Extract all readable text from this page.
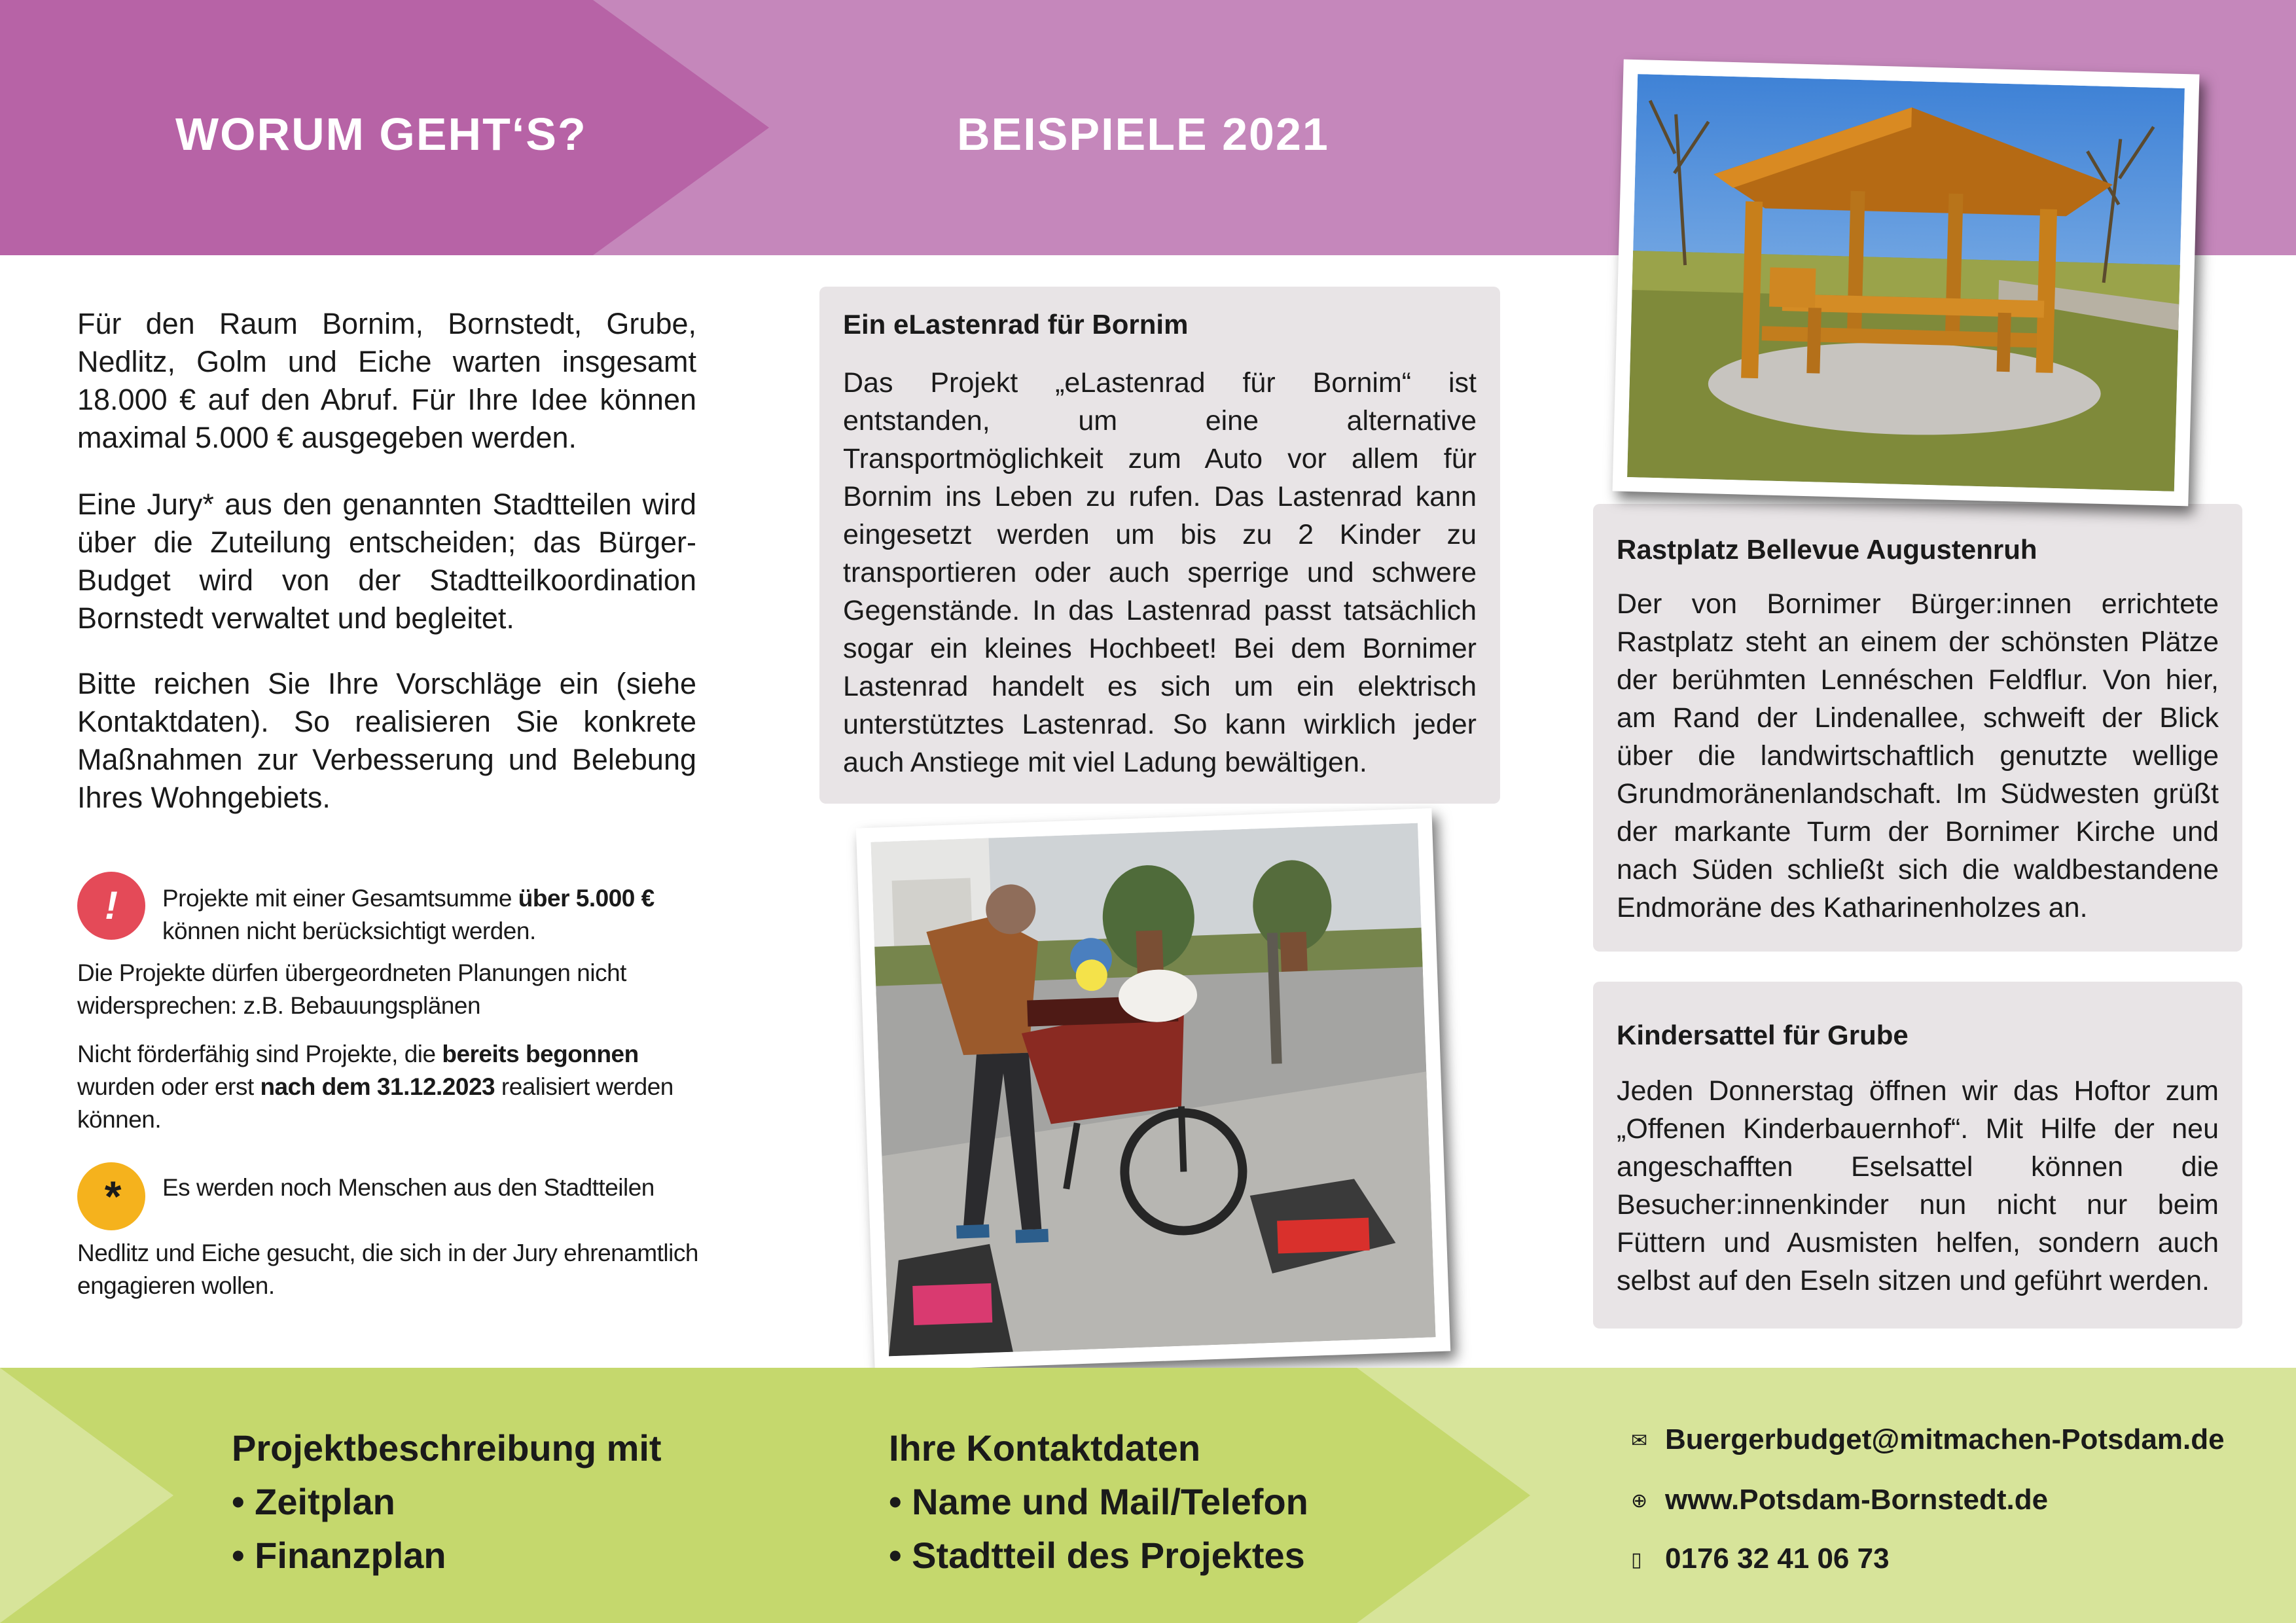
WORUM GEHT‘S?	BEISPIELE 2021

Für den Raum Bornim, Bornstedt, Grube, Nedlitz, Golm und Eiche warten insgesamt 18.000 € auf den Abruf. Für Ihre Idee können maximal 5.000 € ausgegeben werden.

Eine Jury* aus den genannten Stadtteilen wird über die Zuteilung entscheiden; das Bürger-Budget wird von der Stadtteilkoordination Bornstedt verwaltet und begleitet.

Bitte reichen Sie Ihre Vorschläge ein (siehe Kontaktdaten). So realisieren Sie konkrete Maßnahmen zur Verbesserung und Belebung Ihres Wohngebiets.

!	Projekte mit einer Gesamtsumme über 5.000 € können nicht berücksichtigt werden.

Die Projekte dürfen übergeordneten Planungen nicht widersprechen: z.B. Bebauungsplänen

Nicht förderfähig sind Projekte, die bereits begonnen wurden oder erst nach dem 31.12.2023 realisiert werden können.

*	Es werden noch Menschen aus den Stadtteilen

Nedlitz und Eiche gesucht, die sich in der Jury ehrenamtlich engagieren wollen.

Ein eLastenrad für Bornim

Das Projekt „eLastenrad für Bornim“ ist entstanden, um eine alternative Transportmöglichkeit zum Auto vor allem für Bornim ins Leben zu rufen. Das Lastenrad kann eingesetzt werden um bis zu 2 Kinder zu transportieren oder auch sperrige und schwere Gegenstände. In das Lastenrad passt tatsächlich sogar ein kleines Hochbeet! Bei dem Bornimer Lastenrad handelt es sich um ein elektrisch unterstütztes Lastenrad. So kann wirklich jeder auch Anstiege mit viel Ladung bewältigen.

Rastplatz Bellevue Augustenruh

Der von Bornimer Bürger:innen errichtete Rastplatz steht an einem der schönsten Plätze der berühmten Lennéschen Feldflur. Von hier, am Rand der Lindenallee, schweift der Blick über die landwirtschaftlich genutzte wellige Grundmoränenlandschaft. Im Südwesten grüßt der markante Turm der Bornimer Kirche und nach Süden schließt sich die waldbestandene Endmoräne des Katharinenholzes an.

Kindersattel für Grube

Jeden Donnerstag öffnen wir das Hoftor zum „Offenen Kinderbauernhof“. Mit Hilfe der neu angeschafften Eselsattel können die Besucher:innenkinder nun nicht nur beim Füttern und Ausmisten helfen, sondern auch selbst auf den Eseln sitzen und geführt werden.

Projektbeschreibung mit
• Zeitplan
• Finanzplan
Ihre Kontaktdaten
• Name und Mail/Telefon
• Stadtteil des Projektes
✉ Buergerbudget@mitmachen-Potsdam.de
⊕ www.Potsdam-Bornstedt.de
▯ 0176 32 41 06 73
